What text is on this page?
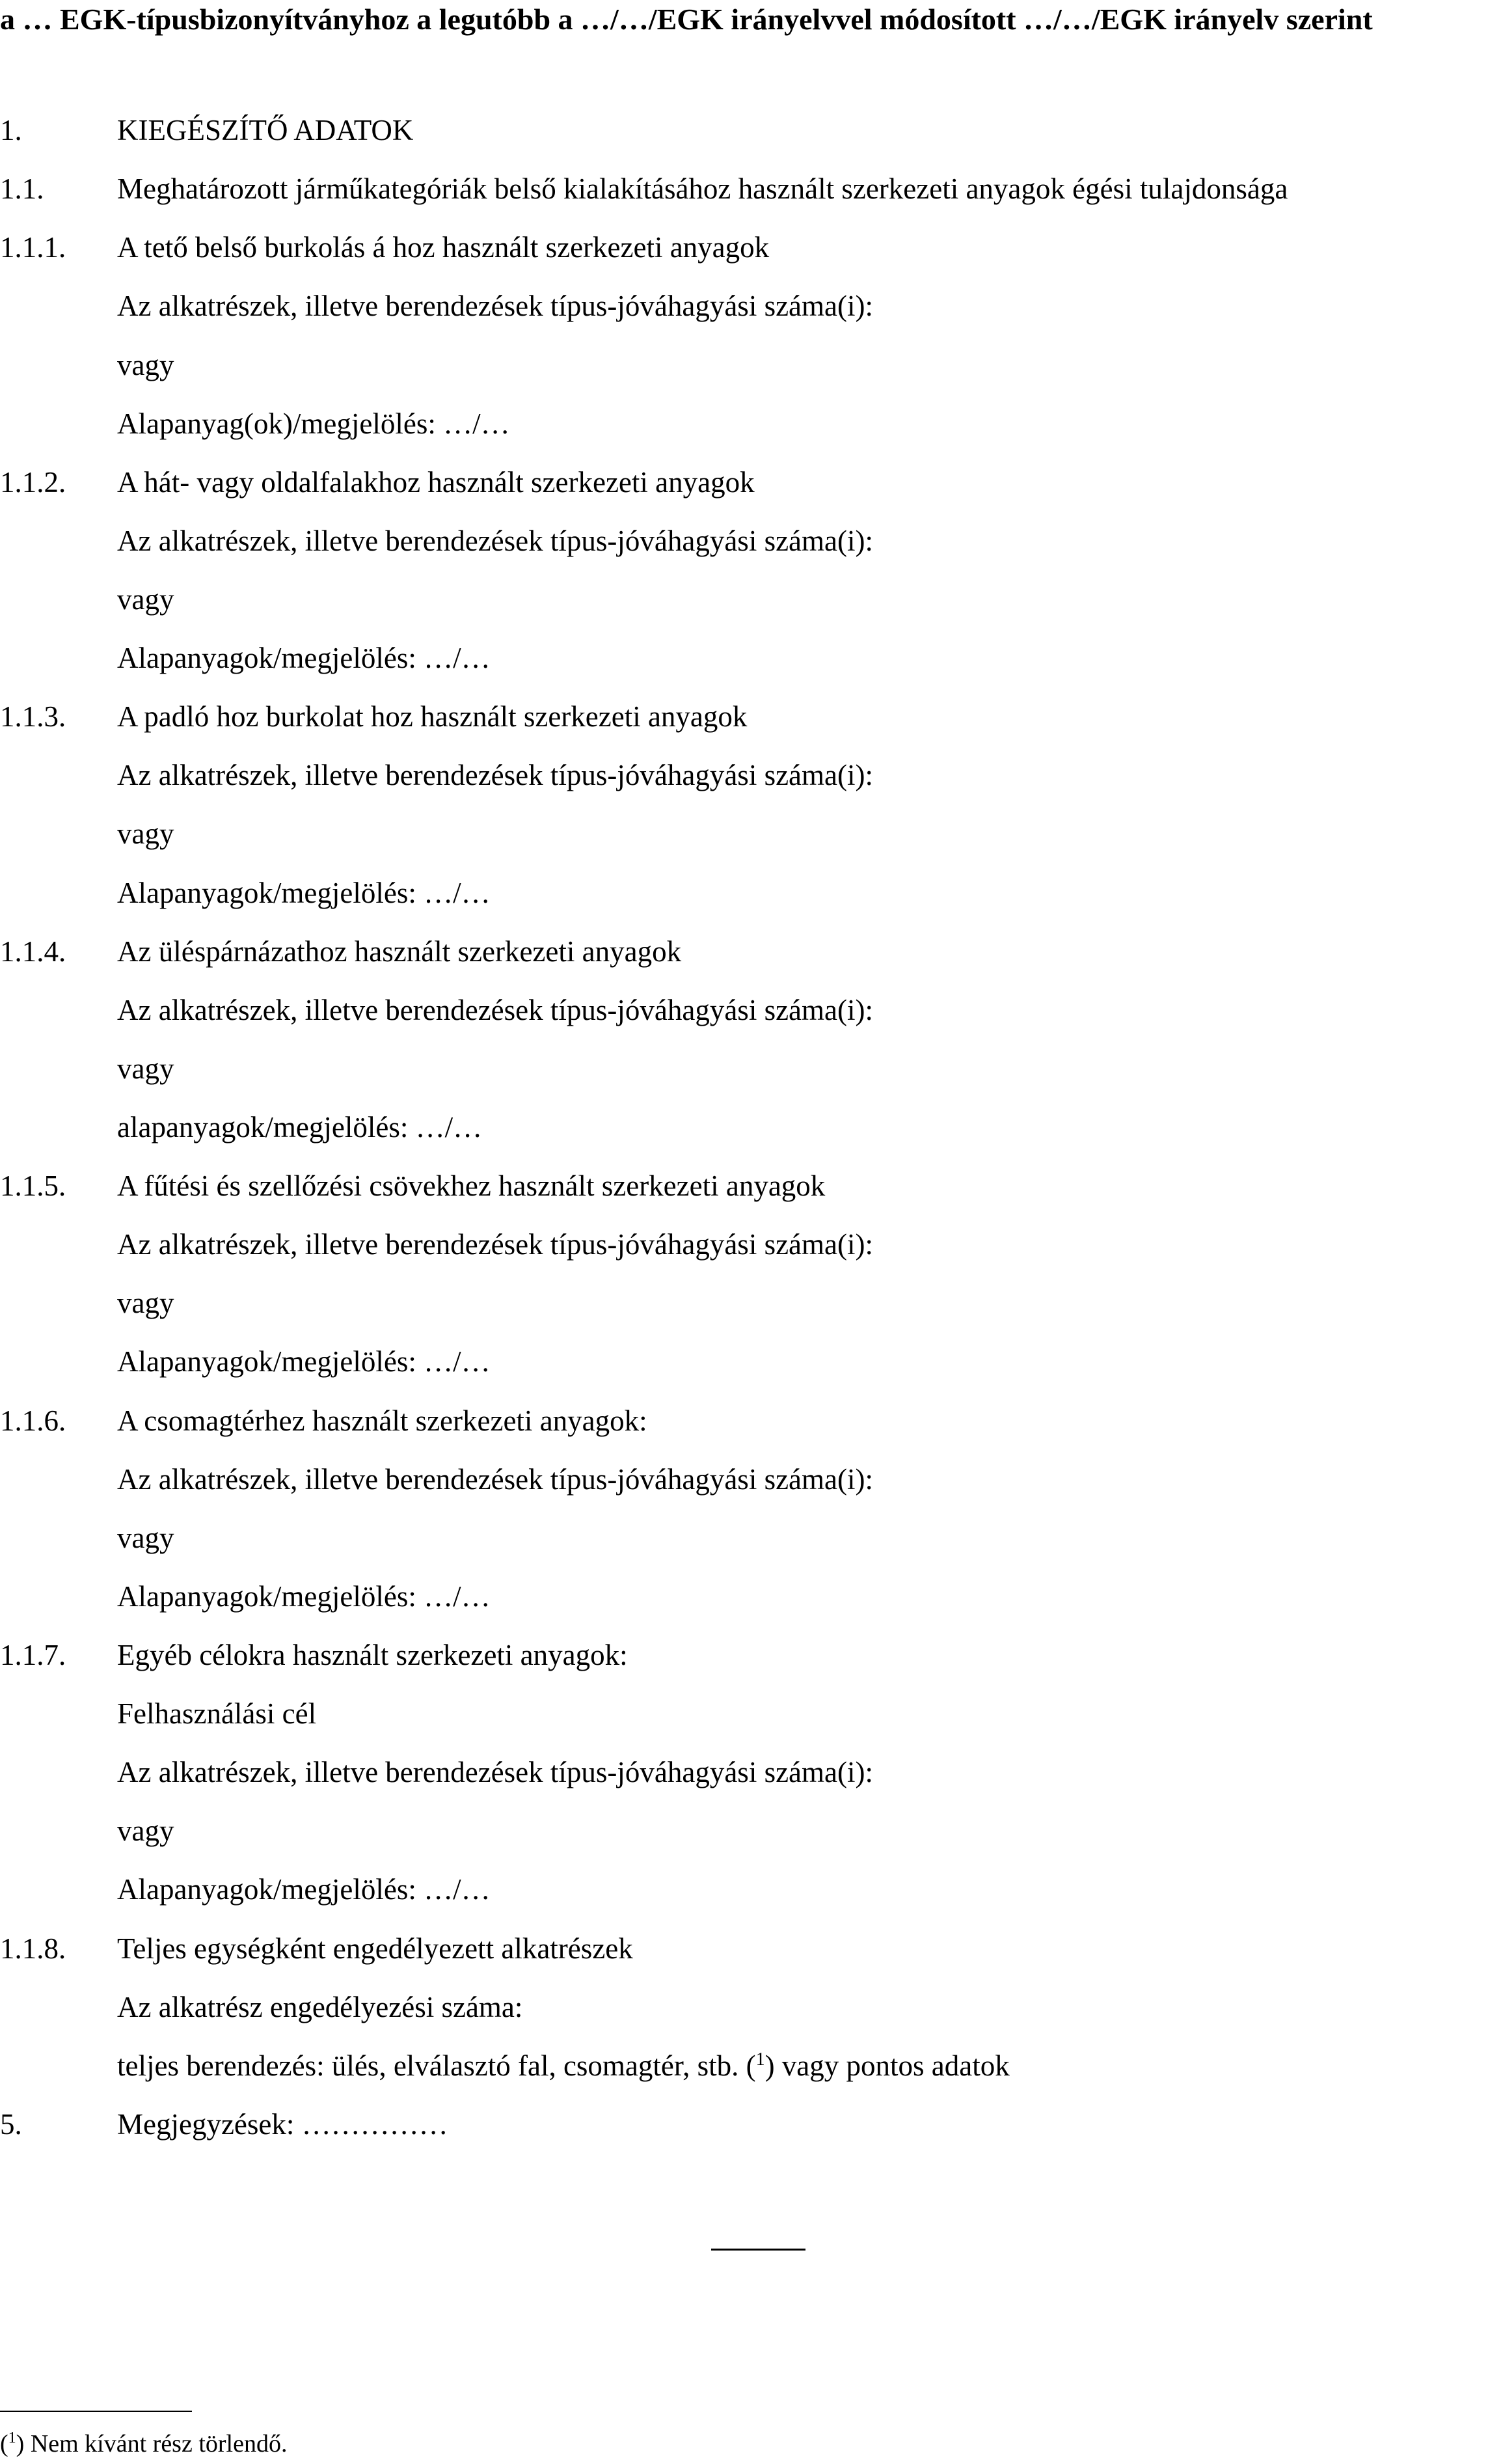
a … EGK-típusbizonyítványhoz a legutóbb a …/…/EGK irányelvvel módosított …/…/EGK irányelv szerint
1.	KIEGÉSZÍTŐ ADATOK
1.1.	Meghatározott járműkategóriák belső kialakításához használt szerkezeti anyagok égési tulajdonsága
1.1.1. A tető belső burkolás á hoz használt szerkezeti anyagok
Az alkatrészek, illetve berendezések típus-jóváhagyási száma(i):
vagy
Alapanyag(ok)/megjelölés: …/…
1.1.2. A hát- vagy oldalfalakhoz használt szerkezeti anyagok
Az alkatrészek, illetve berendezések típus-jóváhagyási száma(i):
vagy
Alapanyagok/megjelölés: …/…
1.1.3. A padló hoz burkolat hoz használt szerkezeti anyagok
Az alkatrészek, illetve berendezések típus-jóváhagyási száma(i):
vagy
Alapanyagok/megjelölés: …/…
1.1.4. Az üléspárnázathoz használt szerkezeti anyagok
Az alkatrészek, illetve berendezések típus-jóváhagyási száma(i):
vagy
alapanyagok/megjelölés: …/…
1.1.5. A fűtési és szellőzési csövekhez használt szerkezeti anyagok
Az alkatrészek, illetve berendezések típus-jóváhagyási száma(i):
vagy
Alapanyagok/megjelölés: …/…
1.1.6. A csomagtérhez használt szerkezeti anyagok:
Az alkatrészek, illetve berendezések típus-jóváhagyási száma(i):
vagy
Alapanyagok/megjelölés: …/…
1.1.7. Egyéb célokra használt szerkezeti anyagok:
Felhasználási cél
Az alkatrészek, illetve berendezések típus-jóváhagyási száma(i):
vagy
Alapanyagok/megjelölés: …/…
1.1.8. Teljes egységként engedélyezett alkatrészek
Az alkatrész engedélyezési száma:
teljes berendezés: ülés, elválasztó fal, csomagtér, stb. ($^1$) vagy pontos adatok
5.	Megjegyzések: ……………
($^1$) Nem kívánt rész törlendő.
